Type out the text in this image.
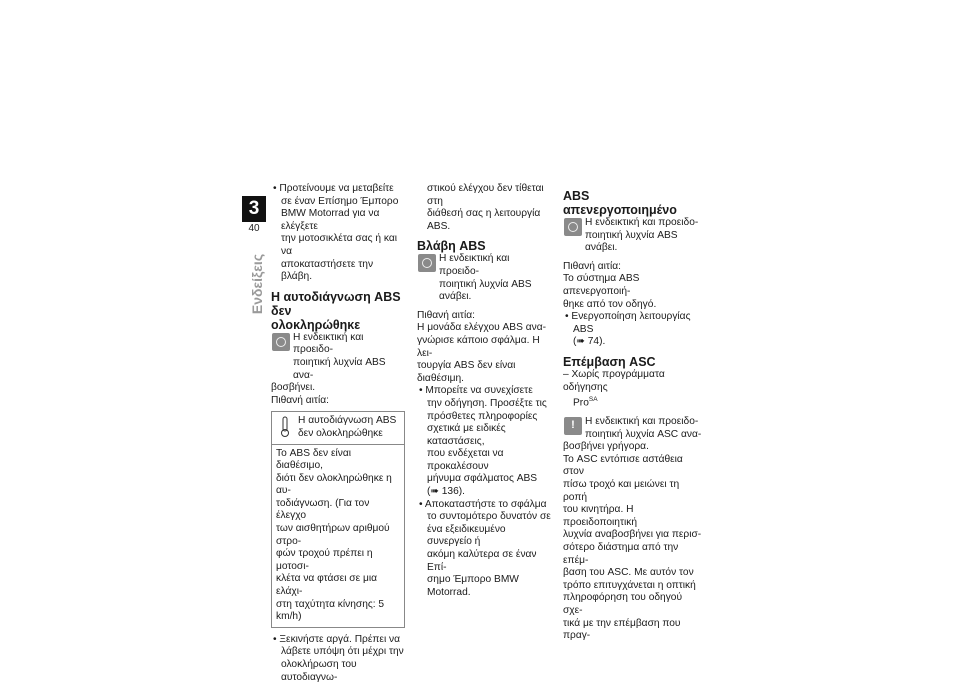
3
40
Ενδείξεις

• Προτείνουμε να μεταβείτε

σε έναν Επίσημο Έμπορο

BMW Motorrad για να ελέγξετε

την μοτοσικλέτα σας ή και να

αποκαταστήσετε την βλάβη.

Η αυτοδιάγνωση ABS δεν

ολοκληρώθηκε

Η ενδεικτική και προειδο-

ποιητική λυχνία ABS ανα-

βοσβήνει.

Πιθανή αιτία:

Η αυτοδιάγνωση ABS

δεν ολοκληρώθηκε

Το ABS δεν είναι διαθέσιμο,

διότι δεν ολοκληρώθηκε η αυ-

τοδιάγνωση. (Για τον έλεγχο

των αισθητήρων αριθμού στρο-

φών τροχού πρέπει η μοτοσι-

κλέτα να φτάσει σε μια ελάχι-

στη ταχύτητα κίνησης: 5 km/h)

• Ξεκινήστε αργά. Πρέπει να

λάβετε υπόψη ότι μέχρι την

ολοκλήρωση του αυτοδιαγνω-

στικού ελέγχου δεν τίθεται στη

διάθεσή σας η λειτουργία ABS.

Βλάβη ABS

Η ενδεικτική και προειδο-

ποιητική λυχνία ABS ανάβει.

Πιθανή αιτία:

Η μονάδα ελέγχου ABS ανα-

γνώρισε κάποιο σφάλμα. Η λει-

τουργία ABS δεν είναι διαθέσιμη.

• Μπορείτε να συνεχίσετε

την οδήγηση. Προσέξτε τις

πρόσθετες πληροφορίες

σχετικά με ειδικές καταστάσεις,

που ενδέχεται να προκαλέσουν

μήνυμα σφάλματος ABS

(➠ 136).

• Αποκαταστήστε το σφάλμα

το συντομότερο δυνατόν σε

ένα εξειδικευμένο συνεργείο ή

ακόμη καλύτερα σε έναν Επί-

σημο Έμπορο BMW Motorrad.

ABS απενεργοποιημένο

Η ενδεικτική και προειδο-

ποιητική λυχνία ABS ανάβει.

Πιθανή αιτία:

Το σύστημα ABS απενεργοποιή-

θηκε από τον οδηγό.

• Ενεργοποίηση λειτουργίας ABS

(➠ 74).

Επέμβαση ASC

– Χωρίς προγράμματα οδήγησης

Pro$^{SA}$

!

Η ενδεικτική και προειδο-

ποιητική λυχνία ASC ανα-

βοσβήνει γρήγορα.

Το ASC εντόπισε αστάθεια στον

πίσω τροχό και μειώνει τη ροπή

του κινητήρα. Η προειδοποιητική

λυχνία αναβοσβήνει για περισ-

σότερο διάστημα από την επέμ-

βαση του ASC. Με αυτόν τον

τρόπο επιτυγχάνεται η οπτική

πληροφόρηση του οδηγού σχε-

τικά με την επέμβαση που πραγ-
